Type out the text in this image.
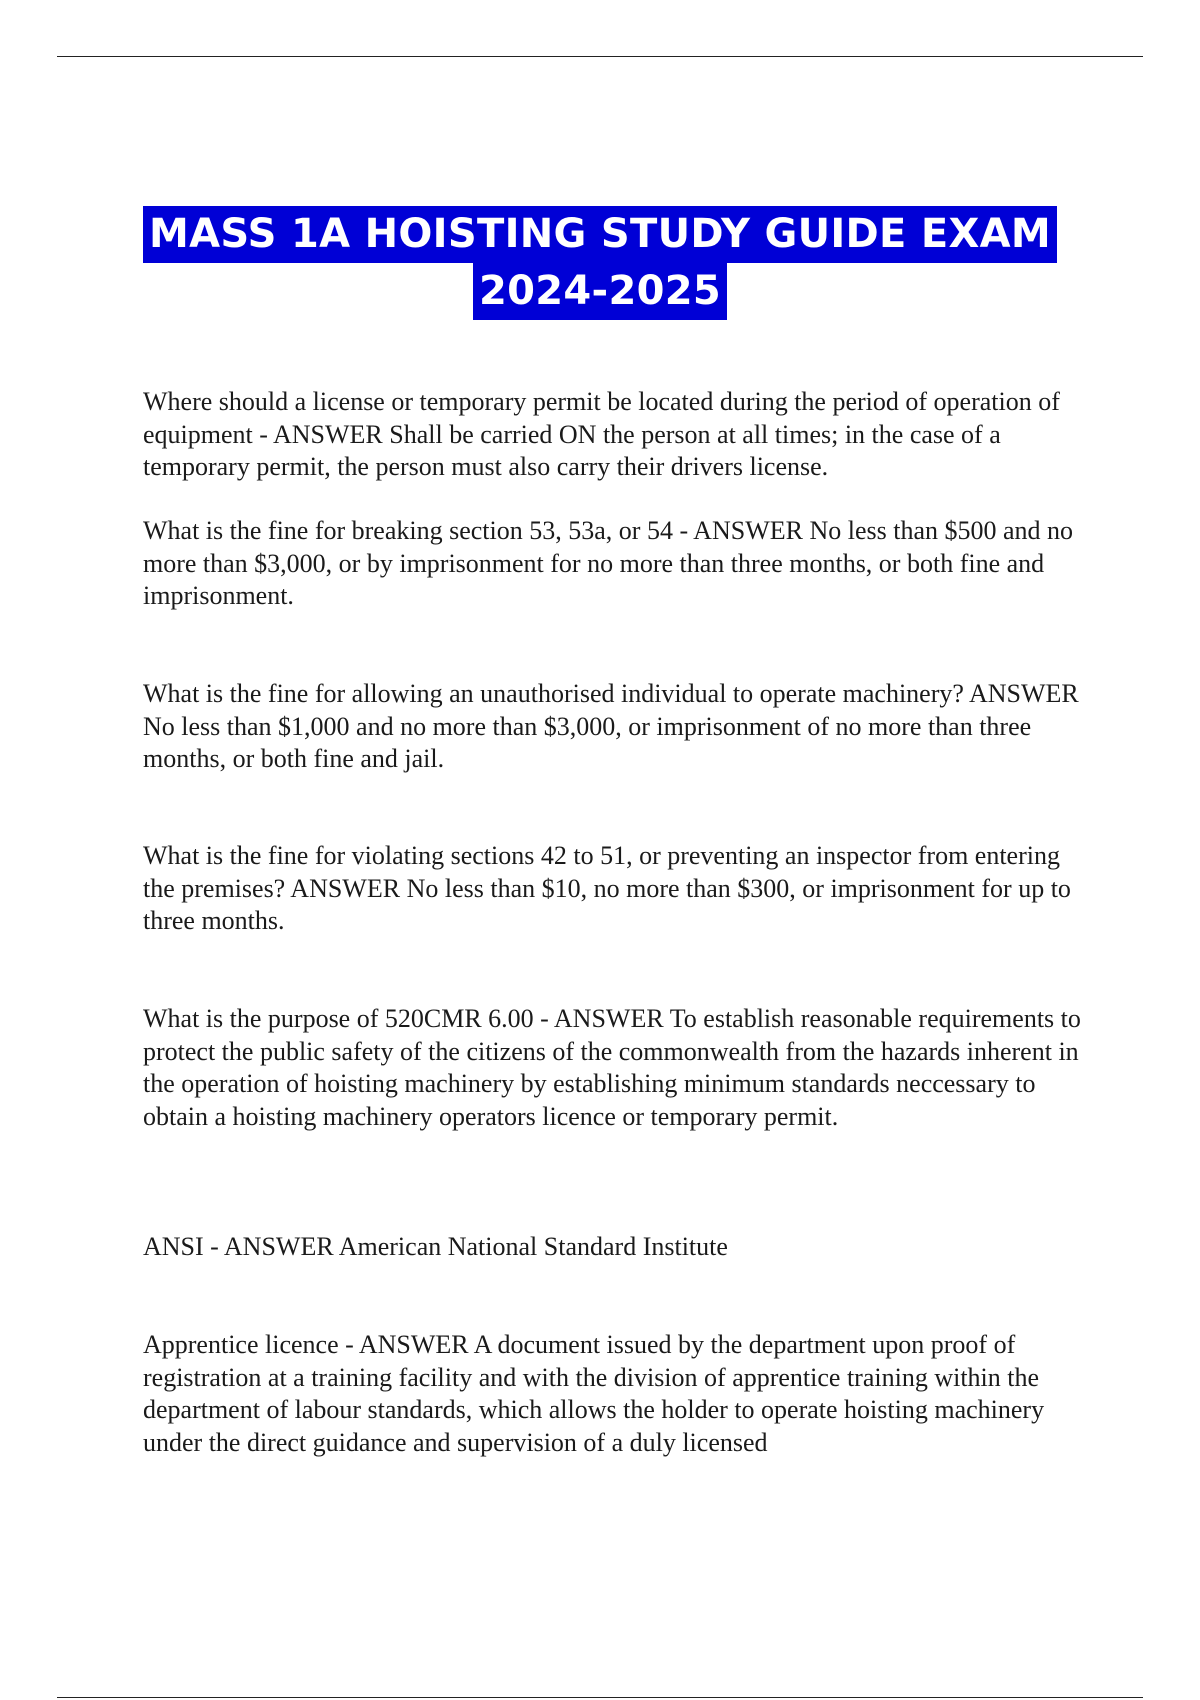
MASS 1A HOISTING STUDY GUIDE EXAM
2024-2025

Where should a license or temporary permit be located during the period of operation of equipment - ANSWER Shall be carried ON the person at all times; in the case of a temporary permit, the person must also carry their drivers license.

What is the fine for breaking section 53, 53a, or 54 - ANSWER No less than $500 and no more than $3,000, or by imprisonment for no more than three months, or both fine and imprisonment.

What is the fine for allowing an unauthorised individual to operate machinery? ANSWER No less than $1,000 and no more than $3,000, or imprisonment of no more than three months, or both fine and jail.

What is the fine for violating sections 42 to 51, or preventing an inspector from entering the premises? ANSWER No less than $10, no more than $300, or imprisonment for up to three months.

What is the purpose of 520CMR 6.00 - ANSWER To establish reasonable requirements to protect the public safety of the citizens of the commonwealth from the hazards inherent in the operation of hoisting machinery by establishing minimum standards neccessary to obtain a hoisting machinery operators licence or temporary permit.

ANSI - ANSWER American National Standard Institute

Apprentice licence - ANSWER A document issued by the department upon proof of registration at a training facility and with the division of apprentice training within the department of labour standards, which allows the holder to operate hoisting machinery under the direct guidance and supervision of a duly licensed
